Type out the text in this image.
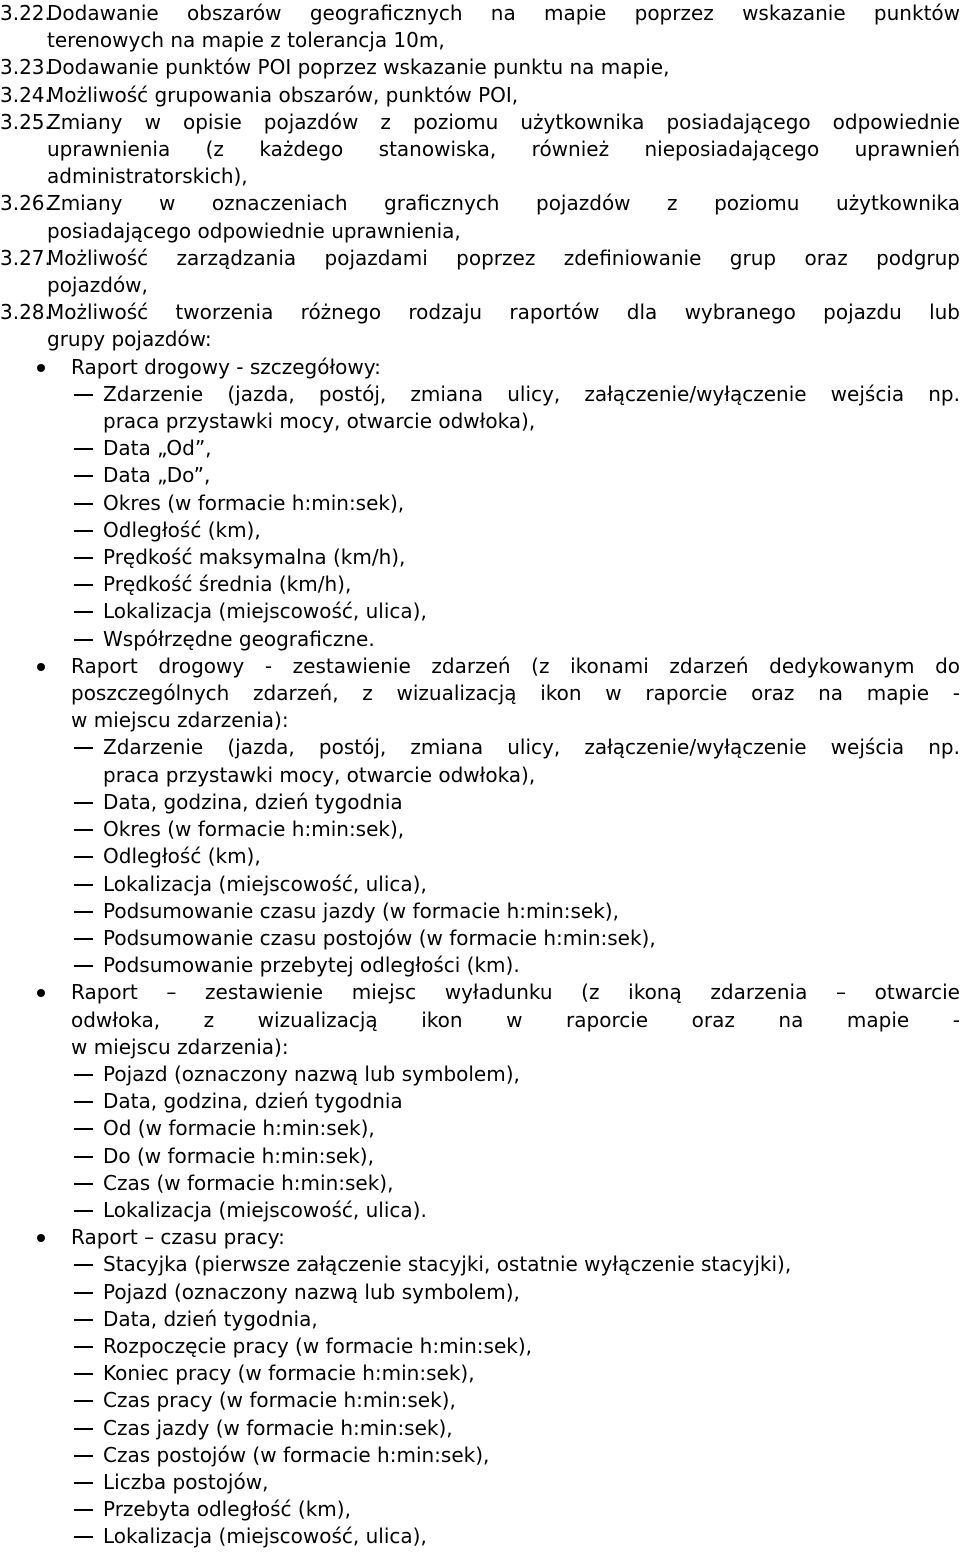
3.22.
Dodawanie obszarów geograficznych na mapie poprzez wskazanie punktów
terenowych na mapie z tolerancja 10m,
3.23.
Dodawanie punktów POI poprzez wskazanie punktu na mapie,
3.24.
Możliwość grupowania obszarów, punktów POI,
3.25.
Zmiany w opisie pojazdów z poziomu użytkownika posiadającego odpowiednie
uprawnienia (z każdego stanowiska, również nieposiadającego uprawnień
administratorskich),
3.26.
Zmiany w oznaczeniach graficznych pojazdów z poziomu użytkownika
posiadającego odpowiednie uprawnienia,
3.27.
Możliwość zarządzania pojazdami poprzez zdefiniowanie grup oraz podgrup
pojazdów,
3.28.
Możliwość tworzenia różnego rodzaju raportów dla wybranego pojazdu lub
grupy pojazdów:
Raport drogowy - szczegółowy:
Zdarzenie (jazda, postój, zmiana ulicy, załączenie/wyłączenie wejścia np.
praca przystawki mocy, otwarcie odwłoka),
Data „Od”,
Data „Do”,
Okres (w formacie h:min:sek),
Odległość (km),
Prędkość maksymalna (km/h),
Prędkość średnia (km/h),
Lokalizacja (miejscowość, ulica),
Współrzędne geograficzne.
Raport drogowy - zestawienie zdarzeń (z ikonami zdarzeń dedykowanym do
poszczególnych zdarzeń, z wizualizacją ikon w raporcie oraz na mapie -
w miejscu zdarzenia):
Zdarzenie (jazda, postój, zmiana ulicy, załączenie/wyłączenie wejścia np.
praca przystawki mocy, otwarcie odwłoka),
Data, godzina, dzień tygodnia
Okres (w formacie h:min:sek),
Odległość (km),
Lokalizacja (miejscowość, ulica),
Podsumowanie czasu jazdy (w formacie h:min:sek),
Podsumowanie czasu postojów (w formacie h:min:sek),
Podsumowanie przebytej odległości (km).
Raport – zestawienie miejsc wyładunku (z ikoną zdarzenia – otwarcie
odwłoka, z wizualizacją ikon w raporcie oraz na mapie -
w miejscu zdarzenia):
Pojazd (oznaczony nazwą lub symbolem),
Data, godzina, dzień tygodnia
Od (w formacie h:min:sek),
Do (w formacie h:min:sek),
Czas (w formacie h:min:sek),
Lokalizacja (miejscowość, ulica).
Raport – czasu pracy:
Stacyjka (pierwsze załączenie stacyjki, ostatnie wyłączenie stacyjki),
Pojazd (oznaczony nazwą lub symbolem),
Data, dzień tygodnia,
Rozpoczęcie pracy (w formacie h:min:sek),
Koniec pracy (w formacie h:min:sek),
Czas pracy (w formacie h:min:sek),
Czas jazdy (w formacie h:min:sek),
Czas postojów (w formacie h:min:sek),
Liczba postojów,
Przebyta odległość (km),
Lokalizacja (miejscowość, ulica),
